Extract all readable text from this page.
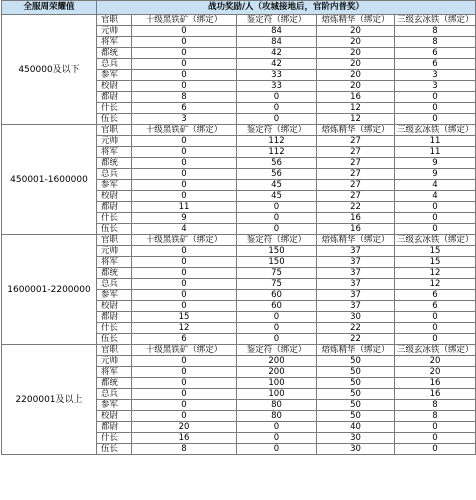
全服周荣耀值	战功奖励/人（攻城接地后，官阶内普奖）				
450000及以下	官职	十级黑铁矿（绑定）	鉴定符（绑定）	熔炼精华（绑定）	三级玄冰铁（绑定）
	元帅	0	84	20	8
	将军	0	84	20	8
	都统	0	42	20	6
	总兵	0	42	20	6
	参军	0	33	20	3
	校尉	0	33	20	3
	都尉	8	0	16	0
	什长	6	0	12	0
	伍长	3	0	12	0
450001-1600000	官职	十级黑铁矿（绑定）	鉴定符（绑定）	熔炼精华（绑定）	三级玄冰铁（绑定）
	元帅	0	112	27	11
	将军	0	112	27	11
	都统	0	56	27	9
	总兵	0	56	27	9
	参军	0	45	27	4
	校尉	0	45	27	4
	都尉	11	0	22	0
	什长	9	0	16	0
	伍长	4	0	16	0
1600001-2200000	官职	十级黑铁矿（绑定）	鉴定符（绑定）	熔炼精华（绑定）	三级玄冰铁（绑定）
	元帅	0	150	37	15
	将军	0	150	37	15
	都统	0	75	37	12
	总兵	0	75	37	12
	参军	0	60	37	6
	校尉	0	60	37	6
	都尉	15	0	30	0
	什长	12	0	22	0
	伍长	6	0	22	0
2200001及以上	官职	十级黑铁矿（绑定）	鉴定符（绑定）	熔炼精华（绑定）	三级玄冰铁（绑定）
	元帅	0	200	50	20
	将军	0	200	50	20
	都统	0	100	50	16
	总兵	0	100	50	16
	参军	0	80	50	8
	校尉	0	80	50	8
	都尉	20	0	40	0
	什长	16	0	30	0
	伍长	8	0	30	0
